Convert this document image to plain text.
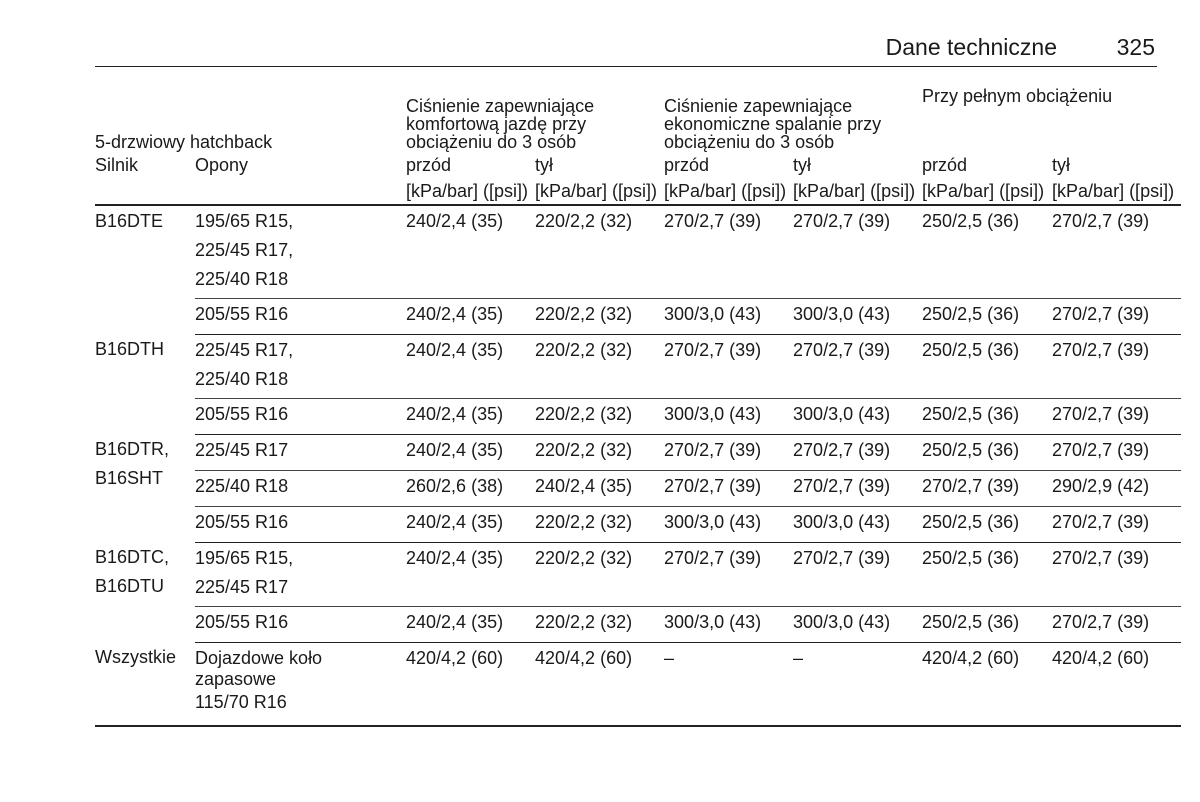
Dane techniczne	325
5-drzwiowy hatchback		Ciśnienie zapewniające komfortową jazdę przy obciążeniu do 3 osób		Ciśnienie zapewniające ekonomiczne spalanie przy obciążeniu do 3 osób		Przy pełnym obciążeniu	
Silnik	Opony	przód	tył	przód	tył	przód	tył
		[kPa/bar] ([psi])	[kPa/bar] ([psi])	[kPa/bar] ([psi])	[kPa/bar] ([psi])	[kPa/bar] ([psi])	[kPa/bar] ([psi])

B16DTE	195/65 R15,
225/45 R17,
225/40 R18	240/2,4 (35)	220/2,2 (32)	270/2,7 (39)	270/2,7 (39)	250/2,5 (36)	270/2,7 (39)

	205/55 R16	240/2,4 (35)	220/2,2 (32)	300/3,0 (43)	300/3,0 (43)	250/2,5 (36)	270/2,7 (39)

B16DTH	225/45 R17,
225/40 R18	240/2,4 (35)	220/2,2 (32)	270/2,7 (39)	270/2,7 (39)	250/2,5 (36)	270/2,7 (39)

	205/55 R16	240/2,4 (35)	220/2,2 (32)	300/3,0 (43)	300/3,0 (43)	250/2,5 (36)	270/2,7 (39)

B16DTR,
B16SHT	225/45 R17	240/2,4 (35)	220/2,2 (32)	270/2,7 (39)	270/2,7 (39)	250/2,5 (36)	270/2,7 (39)

	225/40 R18	260/2,6 (38)	240/2,4 (35)	270/2,7 (39)	270/2,7 (39)	270/2,7 (39)	290/2,9 (42)

	205/55 R16	240/2,4 (35)	220/2,2 (32)	300/3,0 (43)	300/3,0 (43)	250/2,5 (36)	270/2,7 (39)

B16DTC,
B16DTU	195/65 R15,
225/45 R17	240/2,4 (35)	220/2,2 (32)	270/2,7 (39)	270/2,7 (39)	250/2,5 (36)	270/2,7 (39)

	205/55 R16	240/2,4 (35)	220/2,2 (32)	300/3,0 (43)	300/3,0 (43)	250/2,5 (36)	270/2,7 (39)

Wszystkie	Dojazdowe koło zapasowe
115/70 R16	420/4,2 (60)	420/4,2 (60)	–	–	420/4,2 (60)	420/4,2 (60)
